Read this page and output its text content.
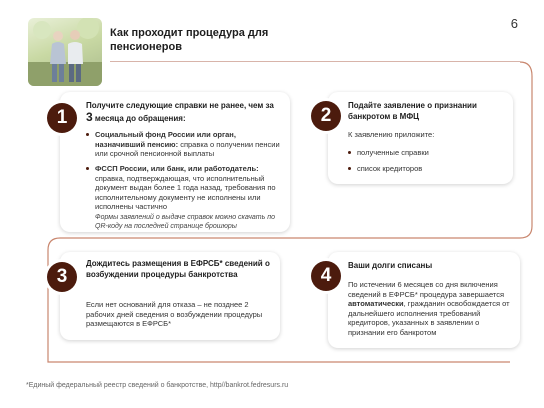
Как проходит процедура для пенсионеров
6
Получите следующие справки не ранее, чем за 3 месяца до обращения:
Социальный фонд России или орган, назначивший пенсию: справка о получении пенсии или срочной пенсионной выплаты
ФССП России, или банк, или работодатель: справка, подтверждающая, что исполнительный документ выдан более 1 года назад, требования по исполнительному документу не исполнены или исполнены частично
Формы заявлений о выдаче справок можно скачать по QR-коду на последней странице брошюры
1
Подайте заявление о признании банкротом в МФЦ
К заявлению приложите:
полученные справки
список кредиторов
2
Дождитесь размещения в ЕФРСБ* сведений о возбуждении процедуры банкротства
Если нет оснований для отказа – не позднее 2 рабочих дней сведения о возбуждении процедуры размещаются в ЕФРСБ*
3
Ваши долги списаны
По истечении 6 месяцев со дня включения сведений в ЕФРСБ* процедура завершается автоматически, гражданин освобождается от дальнейшего исполнения требований кредиторов, указанных в заявлении о признании его банкротом
4
*Единый федеральный реестр сведений о банкротстве, http//bankrot.fedresurs.ru
